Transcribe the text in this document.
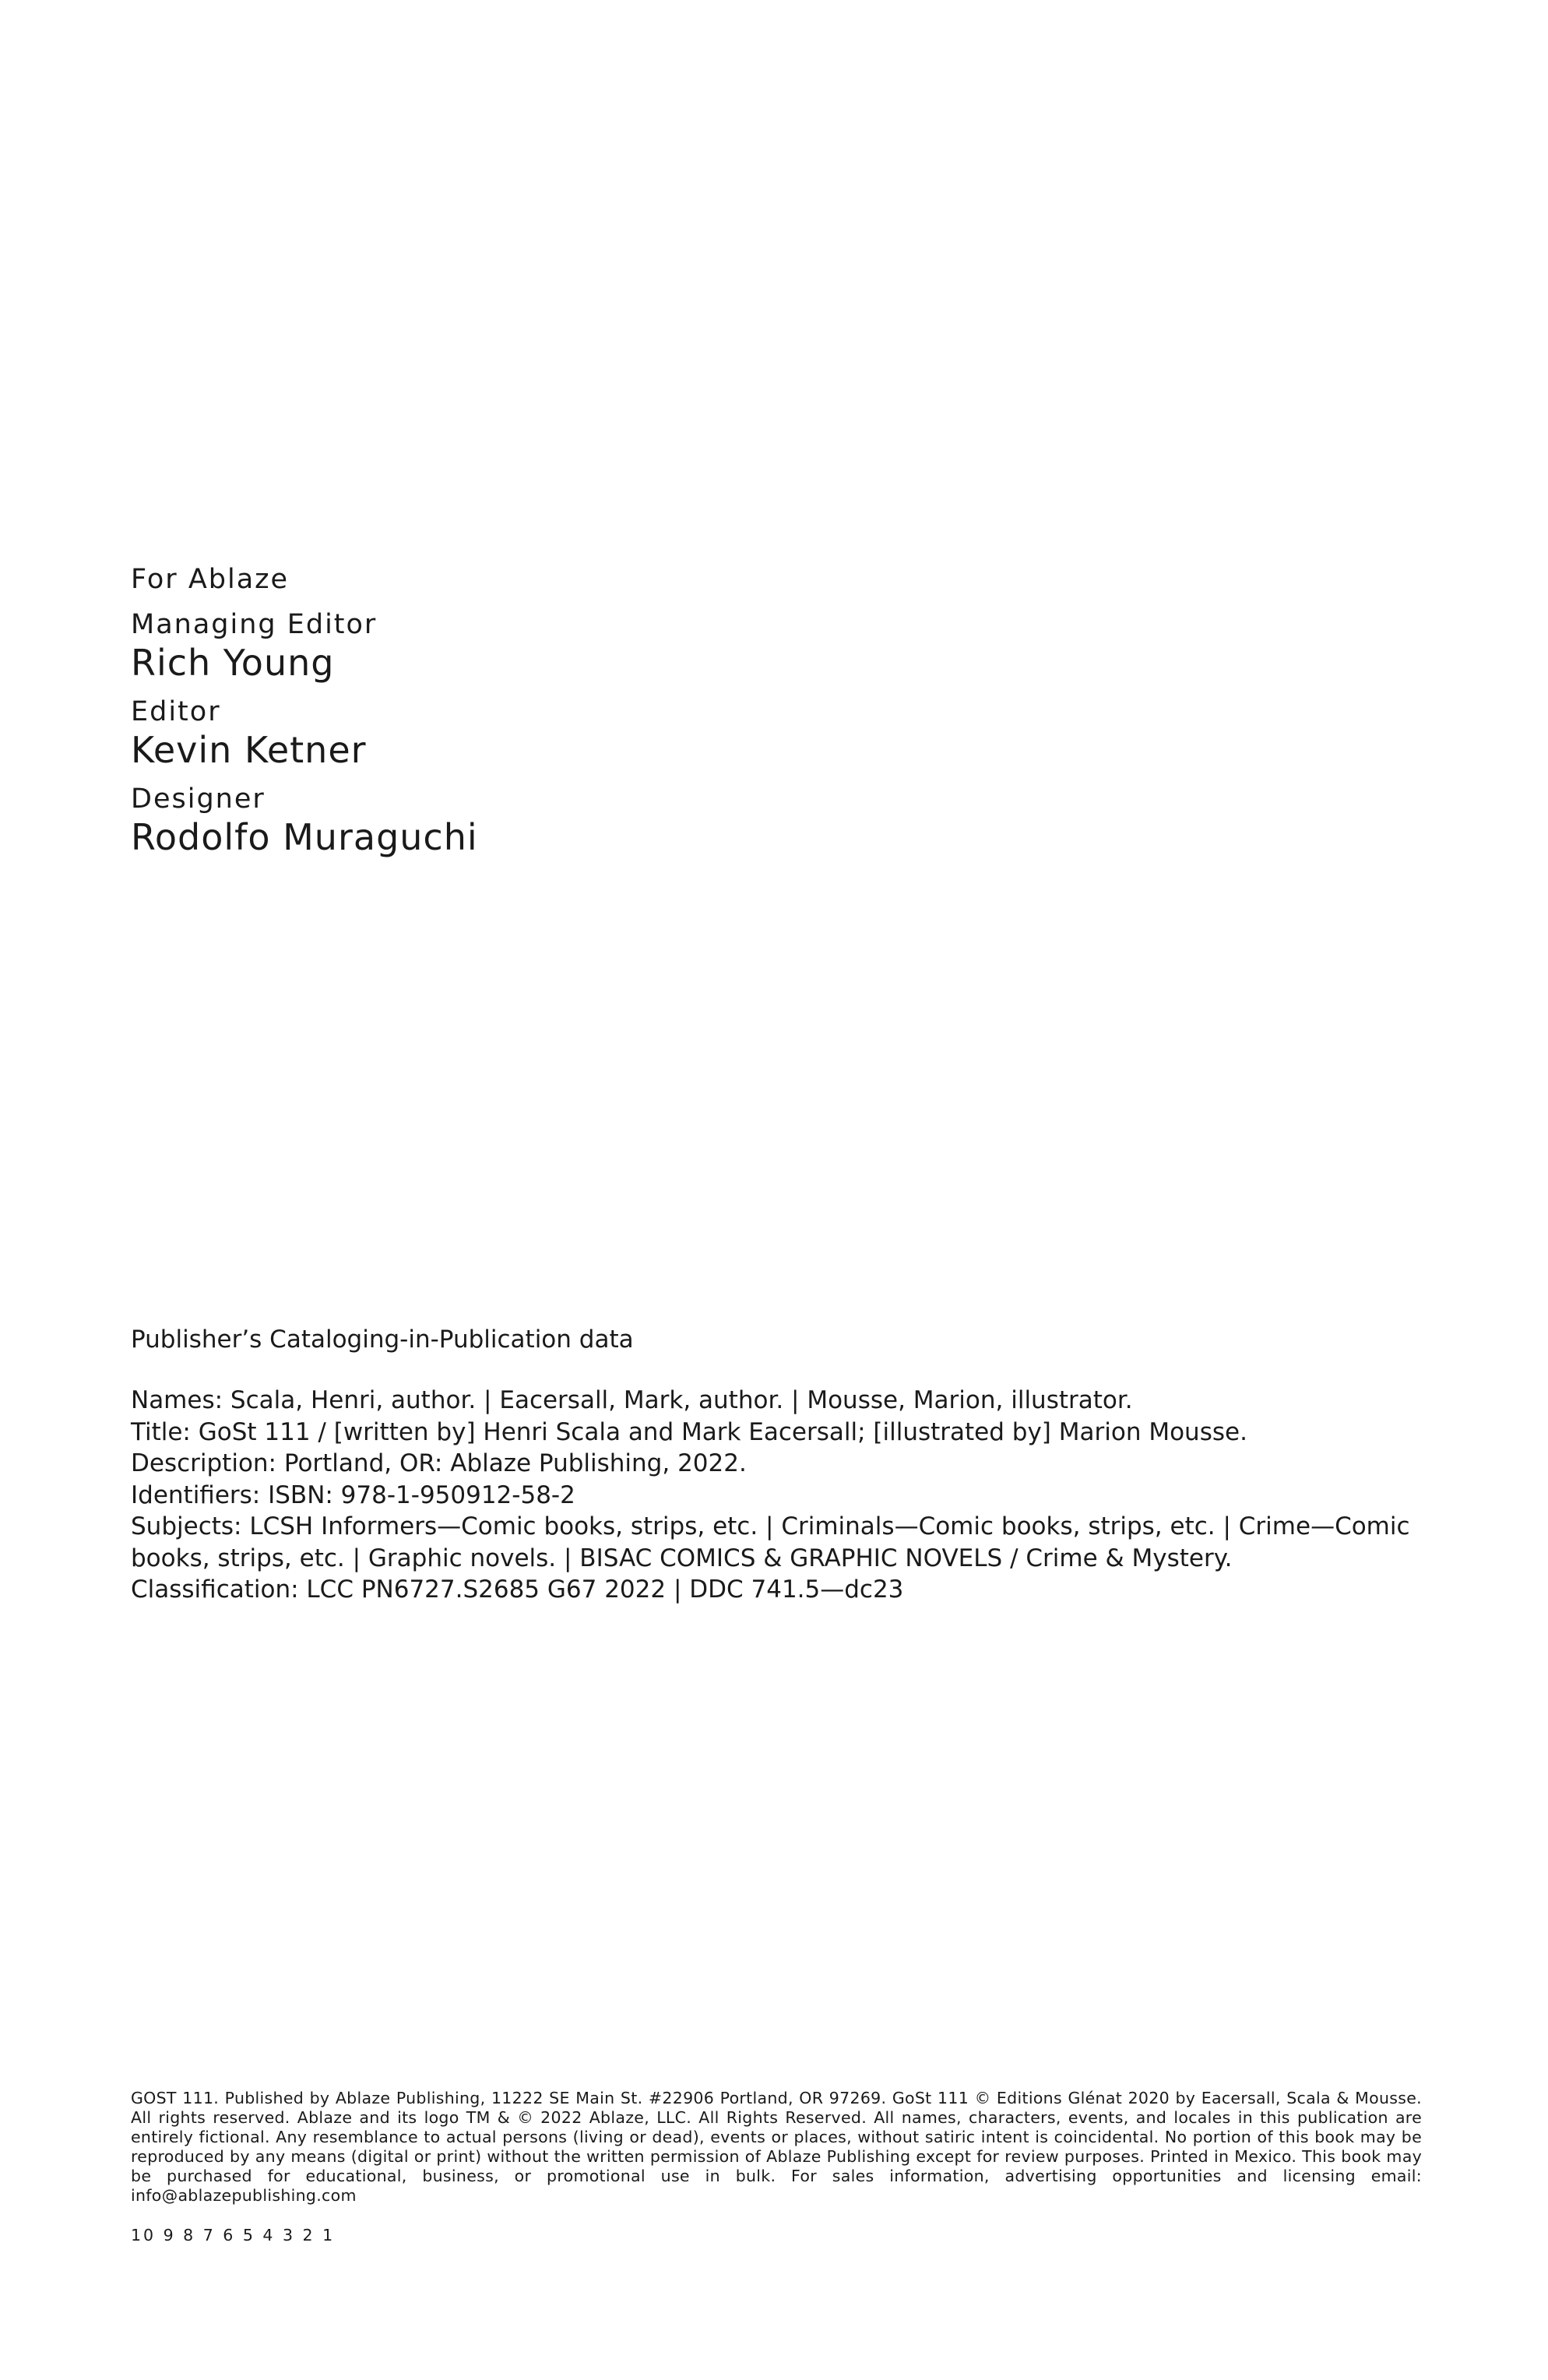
For Ablaze

Managing Editor

Rich Young

Editor

Kevin Ketner

Designer

Rodolfo Muraguchi

Publisher’s Cataloging-in-Publication data

Names: Scala, Henri, author. | Eacersall, Mark, author. | Mousse, Marion, illustrator.

Title: GoSt 111 / [written by] Henri Scala and Mark Eacersall; [illustrated by] Marion Mousse.

Description: Portland, OR: Ablaze Publishing, 2022.

Identifiers: ISBN: 978-1-950912-58-2

Subjects: LCSH Informers—Comic books, strips, etc. | Criminals—Comic books, strips, etc. | Crime—Comic

books, strips, etc. | Graphic novels. | BISAC COMICS & GRAPHIC NOVELS / Crime & Mystery.

Classification: LCC PN6727.S2685 G67 2022 | DDC 741.5—dc23

GOST 111. Published by Ablaze Publishing, 11222 SE Main St. #22906 Portland, OR 97269. GoSt 111 © Editions Glénat 2020 by Eacersall, Scala & Mousse. All rights reserved. Ablaze and its logo TM & © 2022 Ablaze, LLC. All Rights Reserved. All names, characters, events, and locales in this publication are entirely fictional. Any resemblance to actual persons (living or dead), events or places, without satiric intent is coincidental. No portion of this book may be reproduced by any means (digital or print) without the written permission of Ablaze Publishing except for review purposes. Printed in Mexico. This book may be purchased for educational, business, or promotional use in bulk. For sales information, advertising opportunities and licensing email: info@ablazepublishing.com

10 9 8 7 6 5 4 3 2 1
